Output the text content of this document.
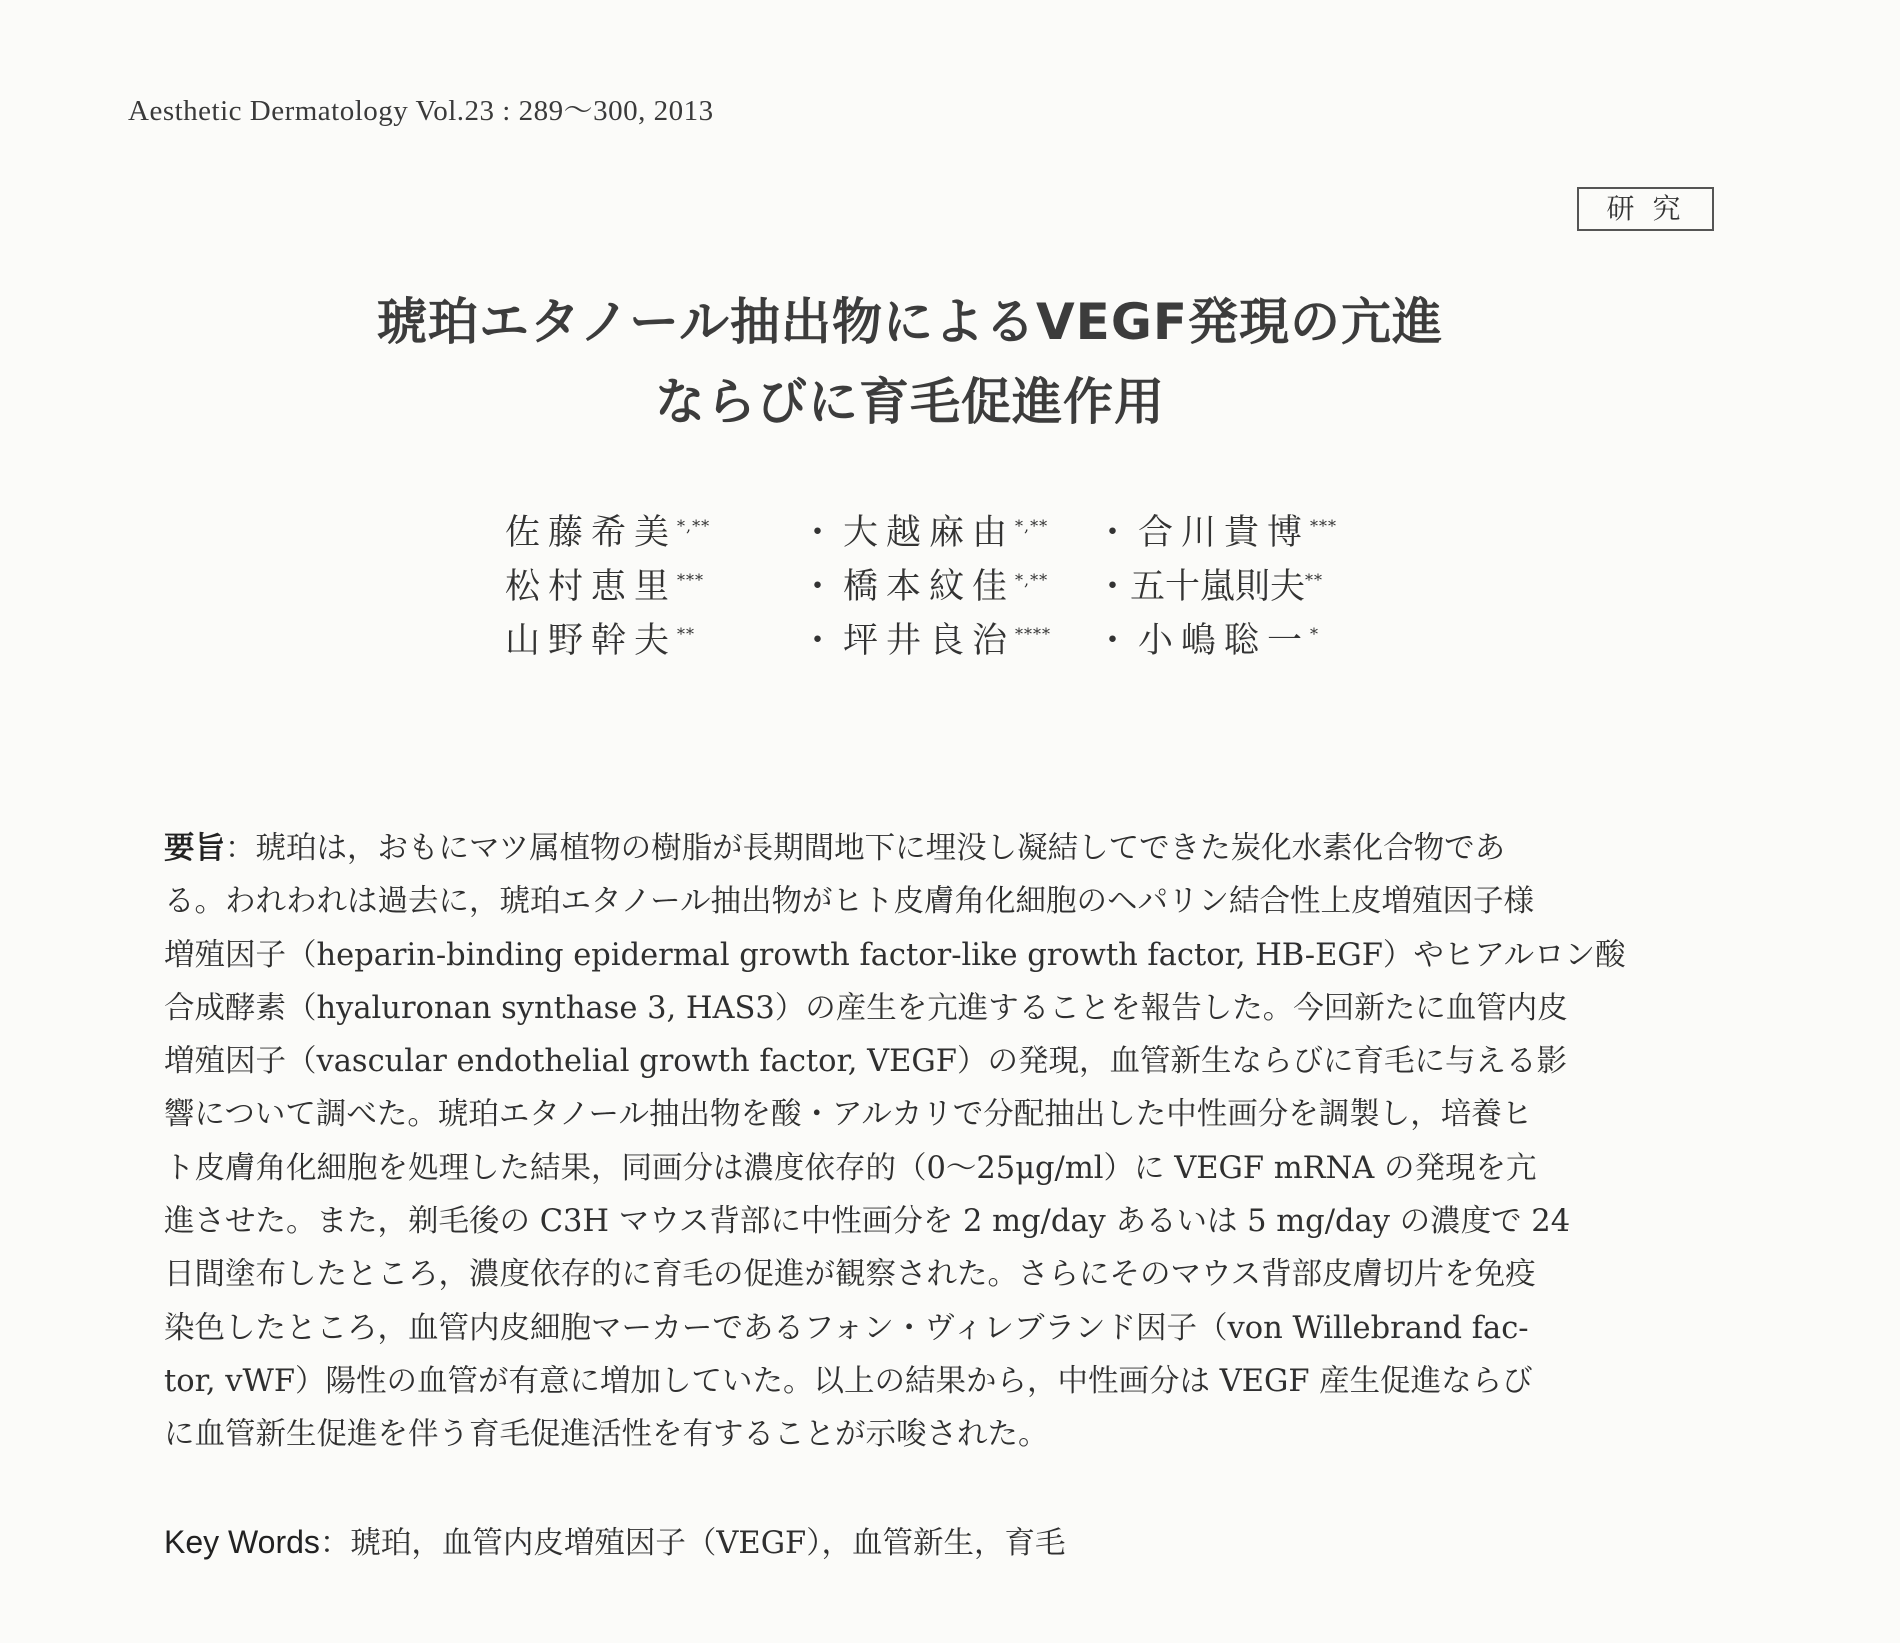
Aesthetic Dermatology Vol.23 : 289～300, 2013
研究
琥珀エタノール抽出物によるVEGF発現の亢進
ならびに育毛促進作用
佐藤希美*,**	・大越麻由*,**	・合川貴博***
松村恵里***	・橋本紋佳*,**	・五十嵐則夫**
山野幹夫**	・坪井良治****	・小嶋聡一*
要旨：琥珀は，おもにマツ属植物の樹脂が長期間地下に埋没し凝結してできた炭化水素化合物であ
る。われわれは過去に，琥珀エタノール抽出物がヒト皮膚角化細胞のヘパリン結合性上皮増殖因子様
増殖因子（heparin-binding epidermal growth factor-like growth factor, HB-EGF）やヒアルロン酸
合成酵素（hyaluronan synthase 3, HAS3）の産生を亢進することを報告した。今回新たに血管内皮
増殖因子（vascular endothelial growth factor, VEGF）の発現，血管新生ならびに育毛に与える影
響について調べた。琥珀エタノール抽出物を酸・アルカリで分配抽出した中性画分を調製し，培養ヒ
ト皮膚角化細胞を処理した結果，同画分は濃度依存的（0～25μg/ml）に VEGF mRNA の発現を亢
進させた。また，剃毛後の C3H マウス背部に中性画分を 2 mg/day あるいは 5 mg/day の濃度で 24
日間塗布したところ，濃度依存的に育毛の促進が観察された。さらにそのマウス背部皮膚切片を免疫
染色したところ，血管内皮細胞マーカーであるフォン・ヴィレブランド因子（von Willebrand fac-
tor, vWF）陽性の血管が有意に増加していた。以上の結果から，中性画分は VEGF 産生促進ならび
に血管新生促進を伴う育毛促進活性を有することが示唆された。
Key Words：琥珀，血管内皮増殖因子（VEGF），血管新生，育毛
